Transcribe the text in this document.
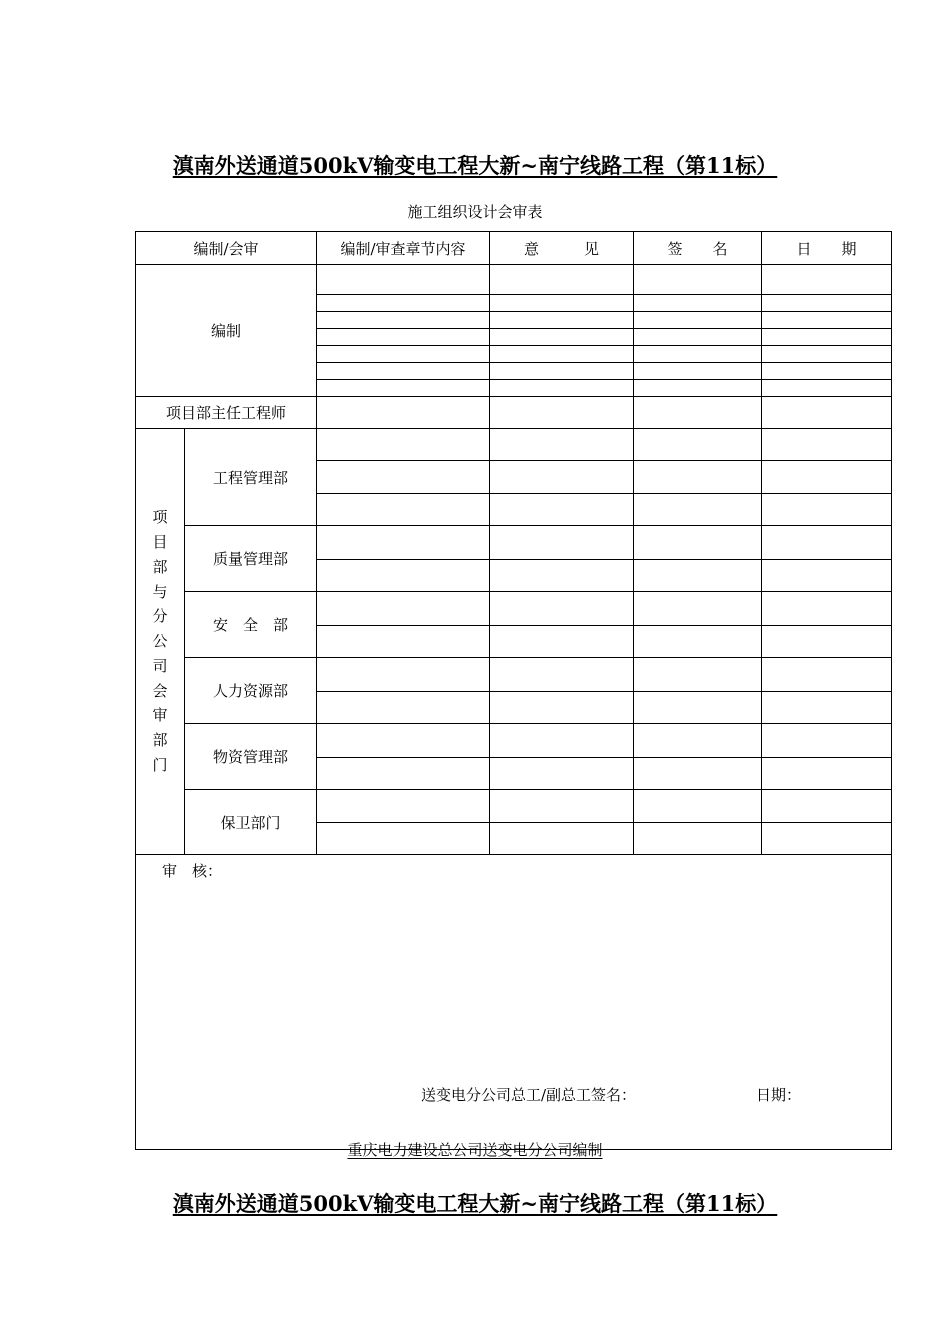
滇南外送通道500kV输变电工程大新~南宁线路工程（第11标）
施工组织设计会审表
编制/会审		编制/审查章节内容	意　　　见	签　　名	日　　期
编制					

项目部主任工程师					

项目部与分公司会审部门	工程管理部				

	质量管理部				

	安　全　部				

	人力资源部				

	物资管理部				

	保卫部门				

审　核：
送变电分公司总工/副总工签名： 日期：					
重庆电力建设总公司送变电分公司编制
滇南外送通道500kV输变电工程大新~南宁线路工程（第11标）
